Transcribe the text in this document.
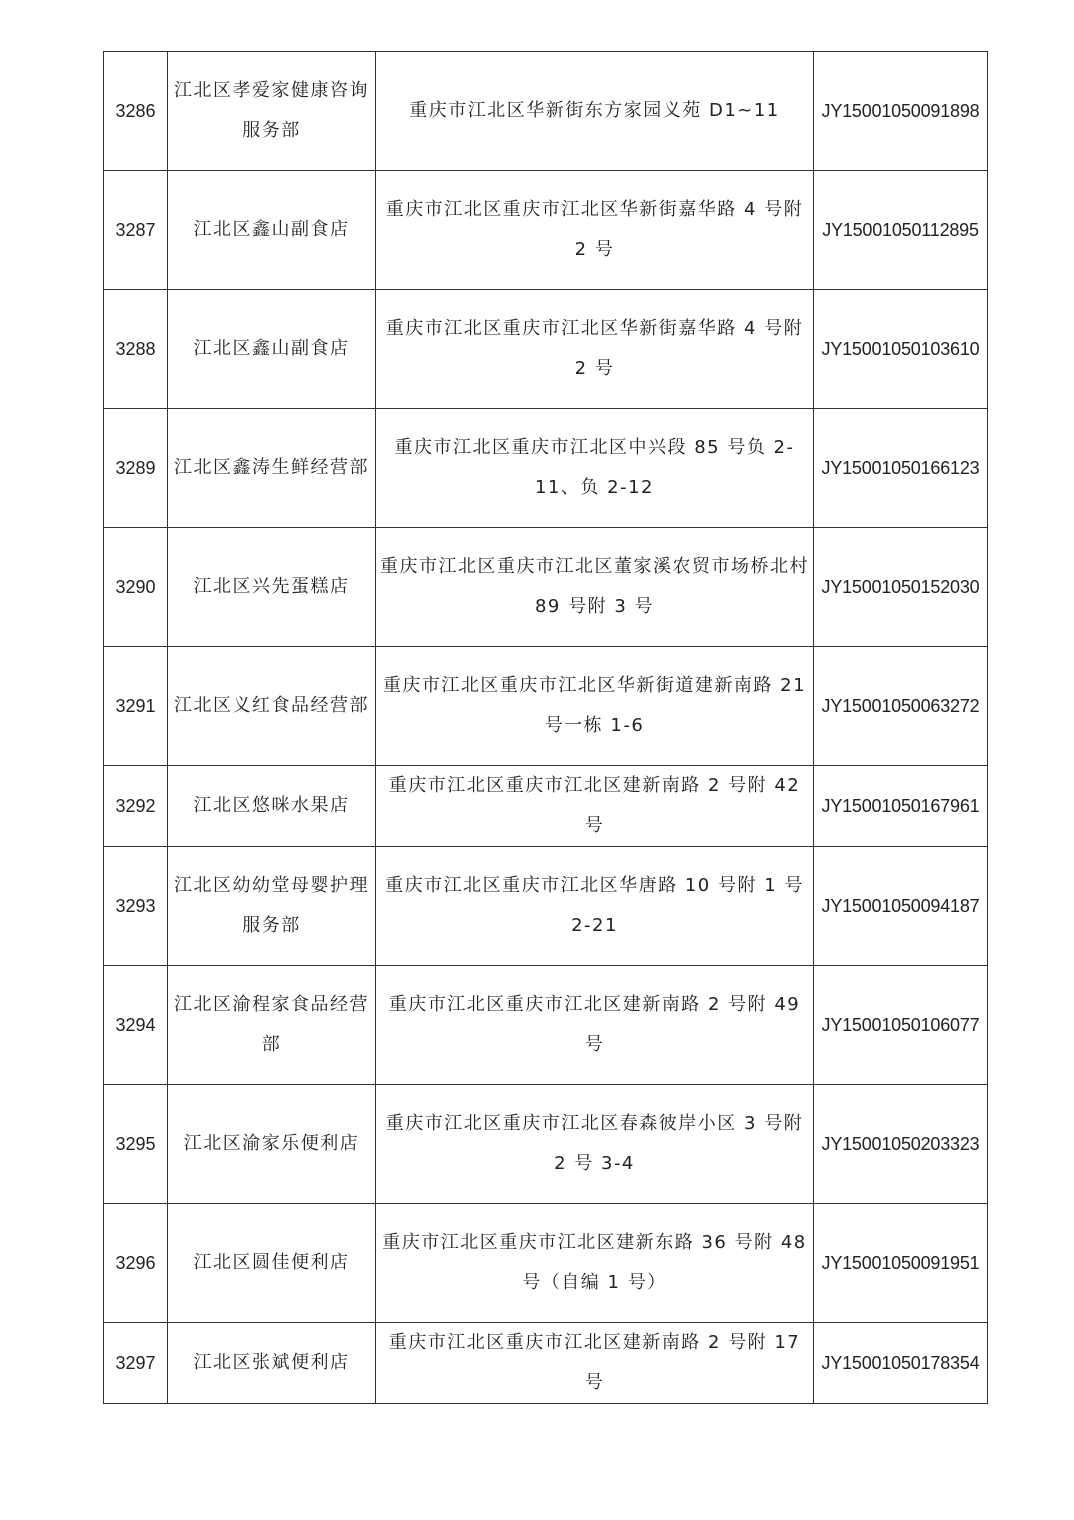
3286	江北区孝爱家健康咨询服务部	重庆市江北区华新街东方家园义苑 D1~11	JY15001050091898
3287	江北区鑫山副食店	重庆市江北区重庆市江北区华新街嘉华路 4 号附 2 号	JY15001050112895
3288	江北区鑫山副食店	重庆市江北区重庆市江北区华新街嘉华路 4 号附 2 号	JY15001050103610
3289	江北区鑫涛生鲜经营部	重庆市江北区重庆市江北区中兴段 85 号负 2-11、负 2-12	JY15001050166123
3290	江北区兴先蛋糕店	重庆市江北区重庆市江北区董家溪农贸市场桥北村 89 号附 3 号	JY15001050152030
3291	江北区义红食品经营部	重庆市江北区重庆市江北区华新街道建新南路 21 号一栋 1-6	JY15001050063272
3292	江北区悠咪水果店	重庆市江北区重庆市江北区建新南路 2 号附 42 号	JY15001050167961
3293	江北区幼幼堂母婴护理服务部	重庆市江北区重庆市江北区华唐路 10 号附 1 号 2-21	JY15001050094187
3294	江北区渝程家食品经营部	重庆市江北区重庆市江北区建新南路 2 号附 49 号	JY15001050106077
3295	江北区渝家乐便利店	重庆市江北区重庆市江北区春森彼岸小区 3 号附 2 号 3-4	JY15001050203323
3296	江北区圆佳便利店	重庆市江北区重庆市江北区建新东路 36 号附 48 号（自编 1 号）	JY15001050091951
3297	江北区张斌便利店	重庆市江北区重庆市江北区建新南路 2 号附 17 号	JY15001050178354
